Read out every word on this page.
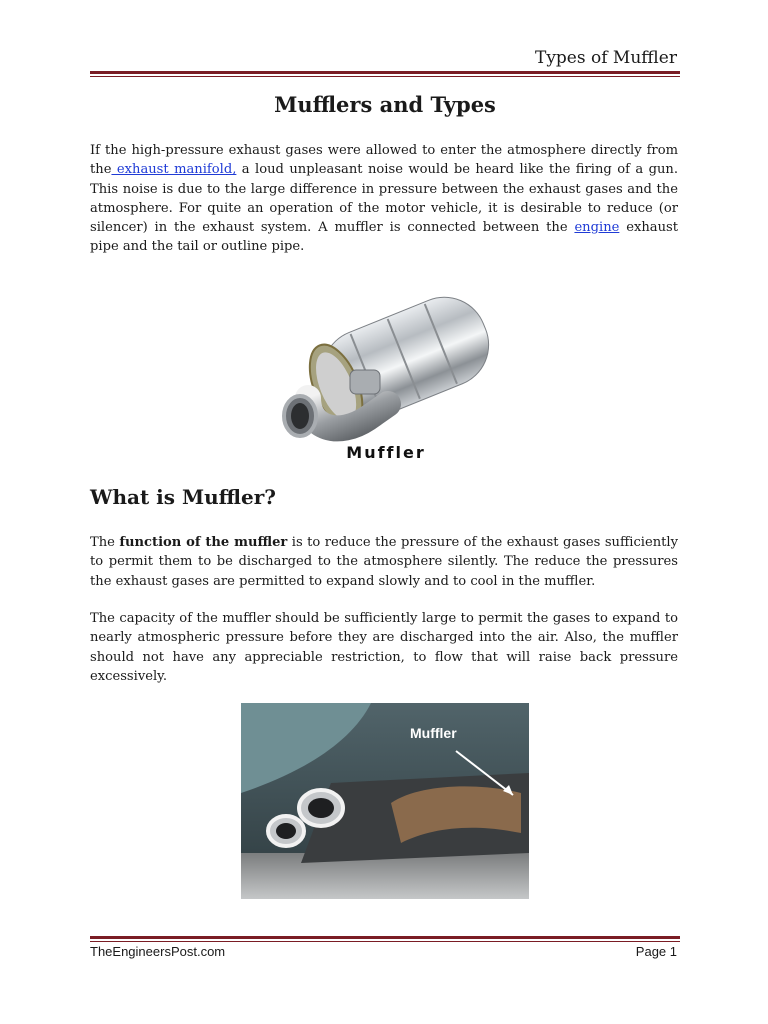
Types of Muffler
Mufflers and Types

If the high-pressure exhaust gases were allowed to enter the atmosphere directly from the exhaust manifold, a loud unpleasant noise would be heard like the firing of a gun. This noise is due to the large difference in pressure between the exhaust gases and the atmosphere. For quite an operation of the motor vehicle, it is desirable to reduce (or silencer) in the exhaust system. A muffler is connected between the engine exhaust pipe and the tail or outline pipe.

Muffler
What is Muffler?

The function of the muffler is to reduce the pressure of the exhaust gases sufficiently to permit them to be discharged to the atmosphere silently. The reduce the pressures the exhaust gases are permitted to expand slowly and to cool in the muffler.

The capacity of the muffler should be sufficiently large to permit the gases to expand to nearly atmospheric pressure before they are discharged into the air. Also, the muffler should not have any appreciable restriction, to flow that will raise back pressure excessively.

Muffler
TheEngineersPost.com	Page 1
